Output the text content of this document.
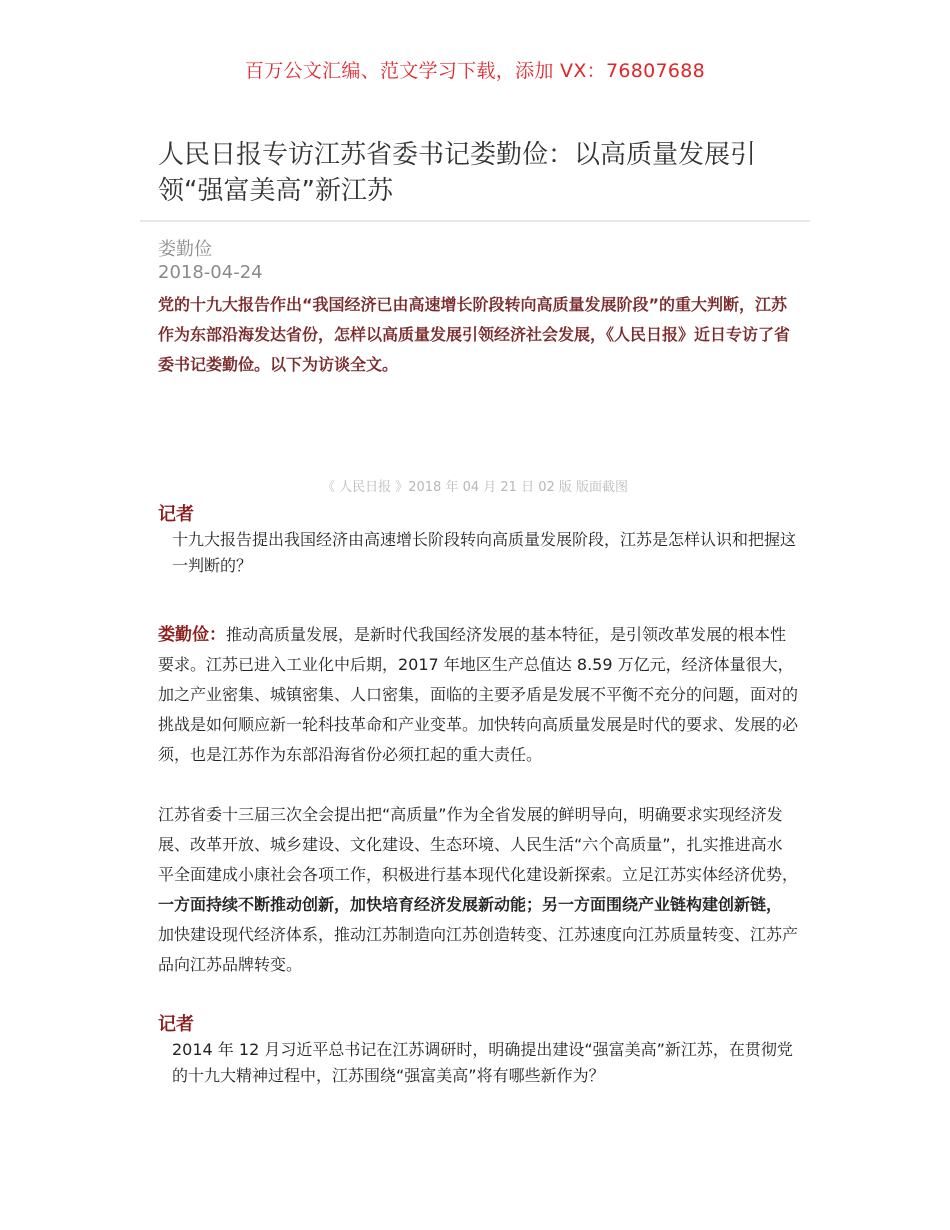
百万公文汇编、范文学习下载，添加 VX：76807688
人民日报专访江苏省委书记娄勤俭：以高质量发展引领“强富美高”新江苏
娄勤俭
2018-04-24

党的十九大报告作出“我国经济已由高速增长阶段转向高质量发展阶段”的重大判断，江苏作为东部沿海发达省份，怎样以高质量发展引领经济社会发展，《人民日报》近日专访了省委书记娄勤俭。以下为访谈全文。

《 人民日报 》2018 年 04 月 21 日 02 版 版面截图
记者

十九大报告提出我国经济由高速增长阶段转向高质量发展阶段，江苏是怎样认识和把握这一判断的？

娄勤俭：推动高质量发展，是新时代我国经济发展的基本特征，是引领改革发展的根本性要求。江苏已进入工业化中后期，2017 年地区生产总值达 8.59 万亿元，经济体量很大，加之产业密集、城镇密集、人口密集，面临的主要矛盾是发展不平衡不充分的问题，面对的挑战是如何顺应新一轮科技革命和产业变革。加快转向高质量发展是时代的要求、发展的必须，也是江苏作为东部沿海省份必须扛起的重大责任。

江苏省委十三届三次全会提出把“高质量”作为全省发展的鲜明导向，明确要求实现经济发展、改革开放、城乡建设、文化建设、生态环境、人民生活“六个高质量”，扎实推进高水平全面建成小康社会各项工作，积极进行基本现代化建设新探索。立足江苏实体经济优势，一方面持续不断推动创新，加快培育经济发展新动能；另一方面围绕产业链构建创新链，加快建设现代经济体系，推动江苏制造向江苏创造转变、江苏速度向江苏质量转变、江苏产品向江苏品牌转变。

记者

2014 年 12 月习近平总书记在江苏调研时，明确提出建设“强富美高”新江苏，在贯彻党的十九大精神过程中，江苏围绕“强富美高”将有哪些新作为？
